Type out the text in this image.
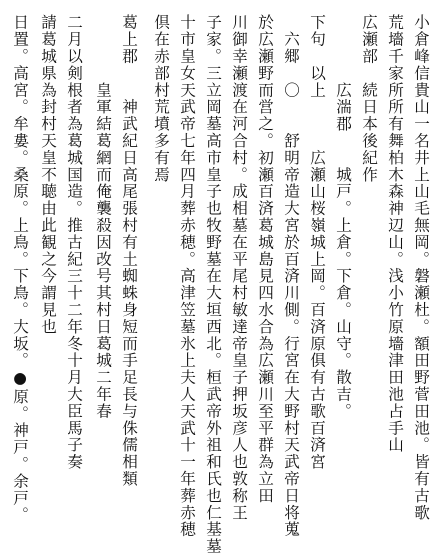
小倉峰信貴山一名井上山毛無岡。磐瀬杜。額田野菅田池。皆有古歌
荒墻千家所所有舞柏木森神辺山。浅小竹原墻津田池占手山
広瀬部　続日本後紀作
　　　　広湍郡　　城戸。上倉。下倉。山守。散吉。
下句　以上　　　広瀬山桜嶺城上岡。百済原俱有古歌百済宮
　六郷　〇　　舒明帝造大宮於百済川側。行宮在大野村天武帝日将蒐
於広瀬野而営之。初瀬百済葛城島見四水合為広瀬川至平群為立田
川御幸瀬渡在河合村。成相墓在平尾村敏達帝皇子押坂彦人也敦称王
子家。三立岡墓高市皇子也牧野墓在大垣西北。桓武帝外祖和氏也仁基墓
十市皇女天武帝七年四月葬赤穂。高津笠墓氷上夫人天武十一年葬赤穂
倶在赤部村荒墳多有焉
葛上郡　　神武紀日高尾張村有土蜘蛛身短而手足長与侏儒相類
　　　　皇軍結葛網而俺襲殺因改号其村日葛城二年春
二月以剣根者為葛城国造。推古紀三十二年冬十月大臣馬子奏
請葛城県為封村天皇不聴由此観之今謂見也
日置。高宮。牟婁。桑原。上鳥。下鳥。大坂。●原。神戸。余戸。
